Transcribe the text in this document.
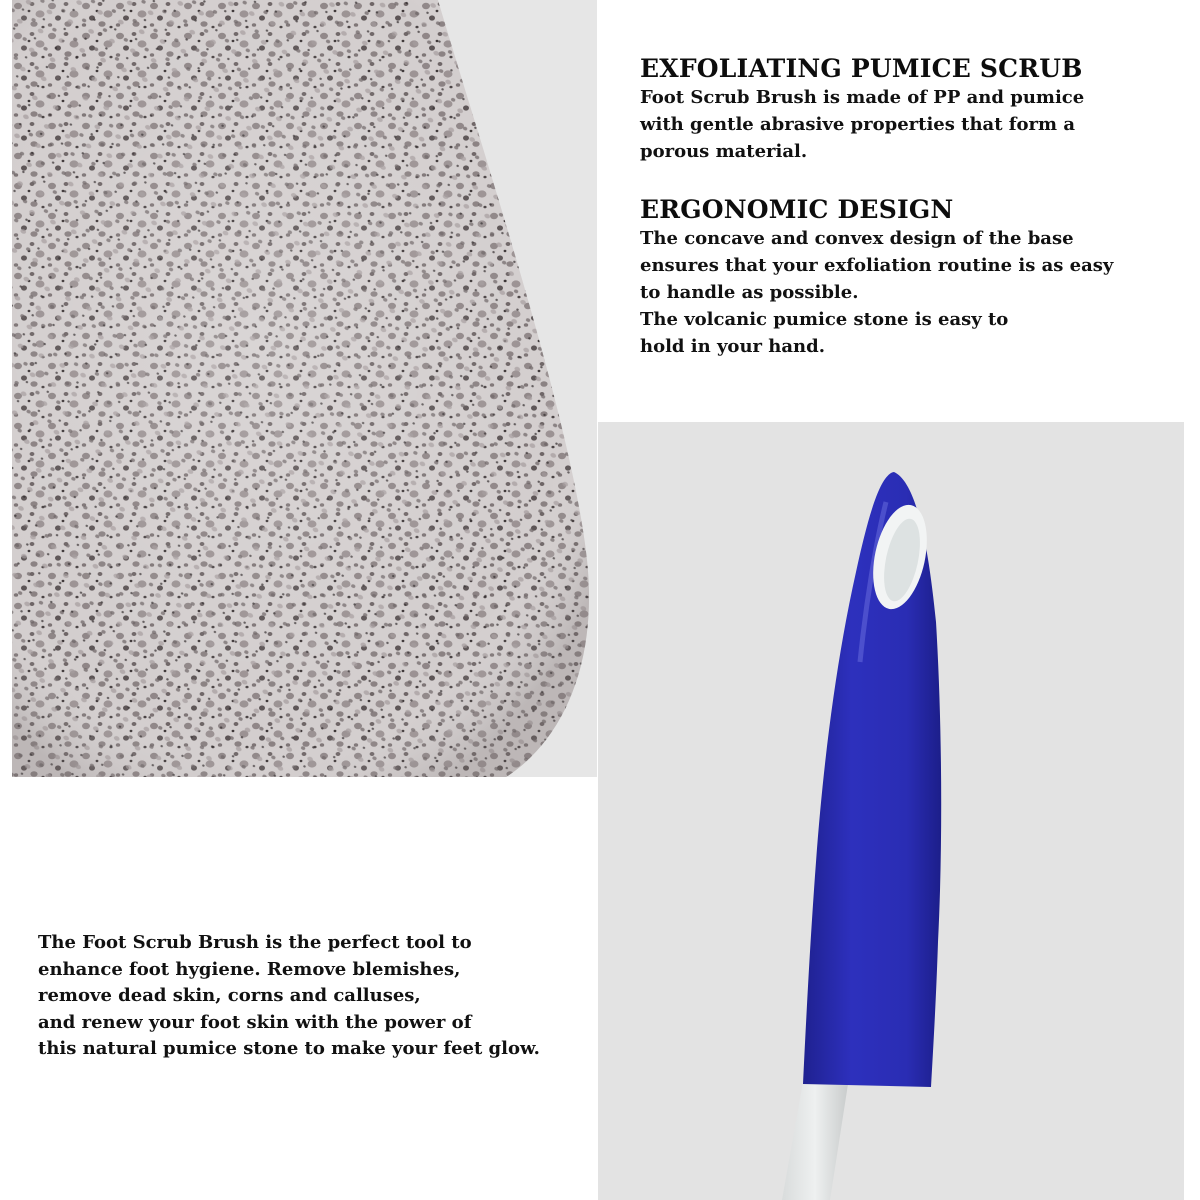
EXFOLIATING PUMICE SCRUB

Foot Scrub Brush is made of PP and pumice

with gentle abrasive properties that form a

porous material.

ERGONOMIC DESIGN

The concave and convex design of the base

ensures that your exfoliation routine is as easy

to handle as possible.

The volcanic pumice stone is easy to

hold in your hand.

The Foot Scrub Brush is the perfect tool to

enhance foot hygiene. Remove blemishes,

remove dead skin, corns and calluses,

and renew your foot skin with the power of

this natural pumice stone to make your feet glow.
